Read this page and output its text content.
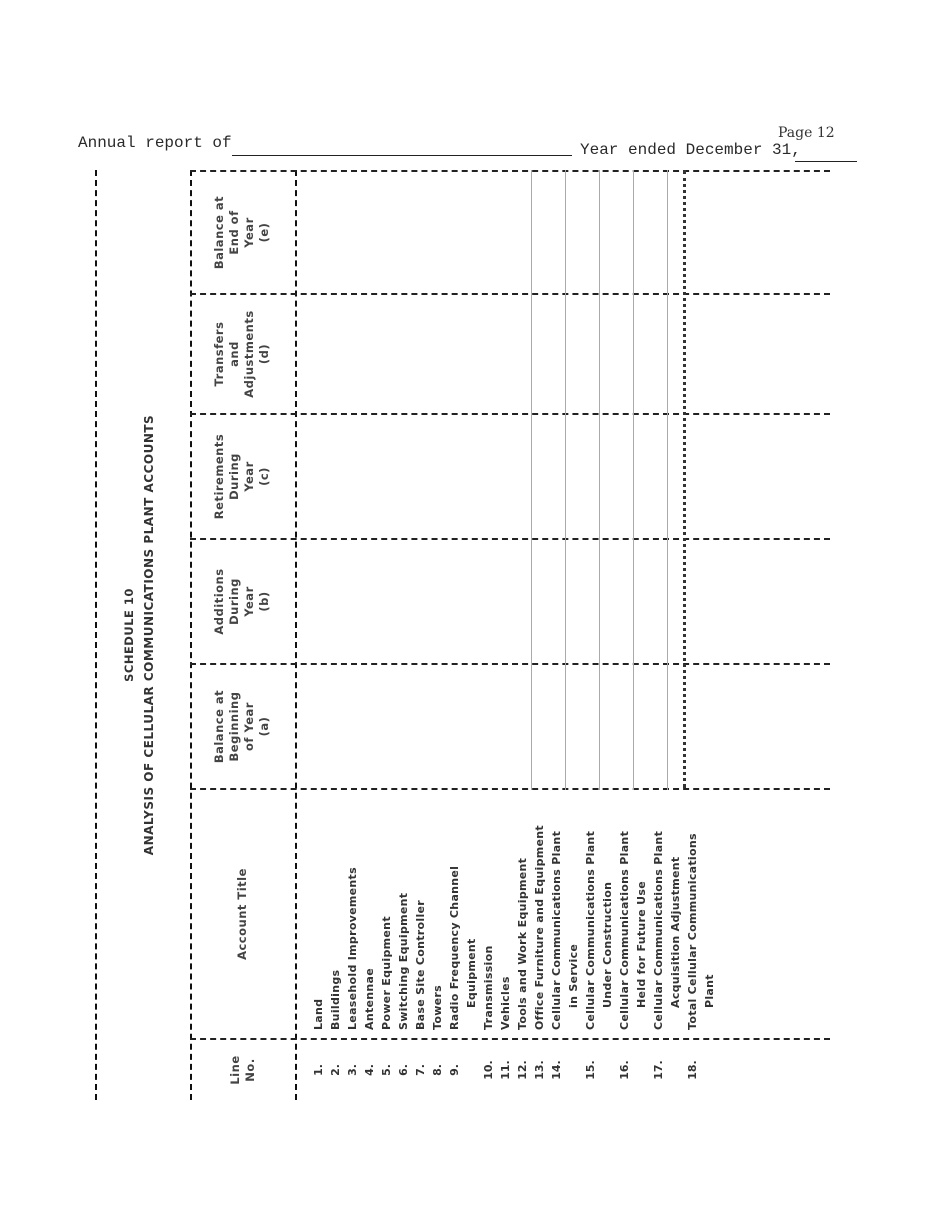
Annual report of	Year ended December 31,
Page 12
SCHEDULE 10 ANALYSIS OF CELLULAR COMMUNICATIONS PLANT ACCOUNTS
Line No.
Account Title
Balance at Beginning of Year (a)
Additions During Year (b)
Retirements During Year (c)
Transfers and Adjustments (d)
Balance at End of Year (e)
1.
Land
2.
Buildings
3.
Leasehold Improvements
4.
Antennae
5.
Power Equipment
6.
Switching Equipment
7.
Base Site Controller
8.
Towers
9.
Radio Frequency Channel Equipment
10.
Transmission
11.
Vehicles
12.
Tools and Work Equipment
13.
Office Furniture and Equipment
14.
Cellular Communications Plant in Service
15.
Cellular Communications Plant Under Construction
16.
Cellular Communications Plant Held for Future Use
17.
Cellular Communications Plant Acquisition Adjustment
18.
Total Cellular Communications Plant
